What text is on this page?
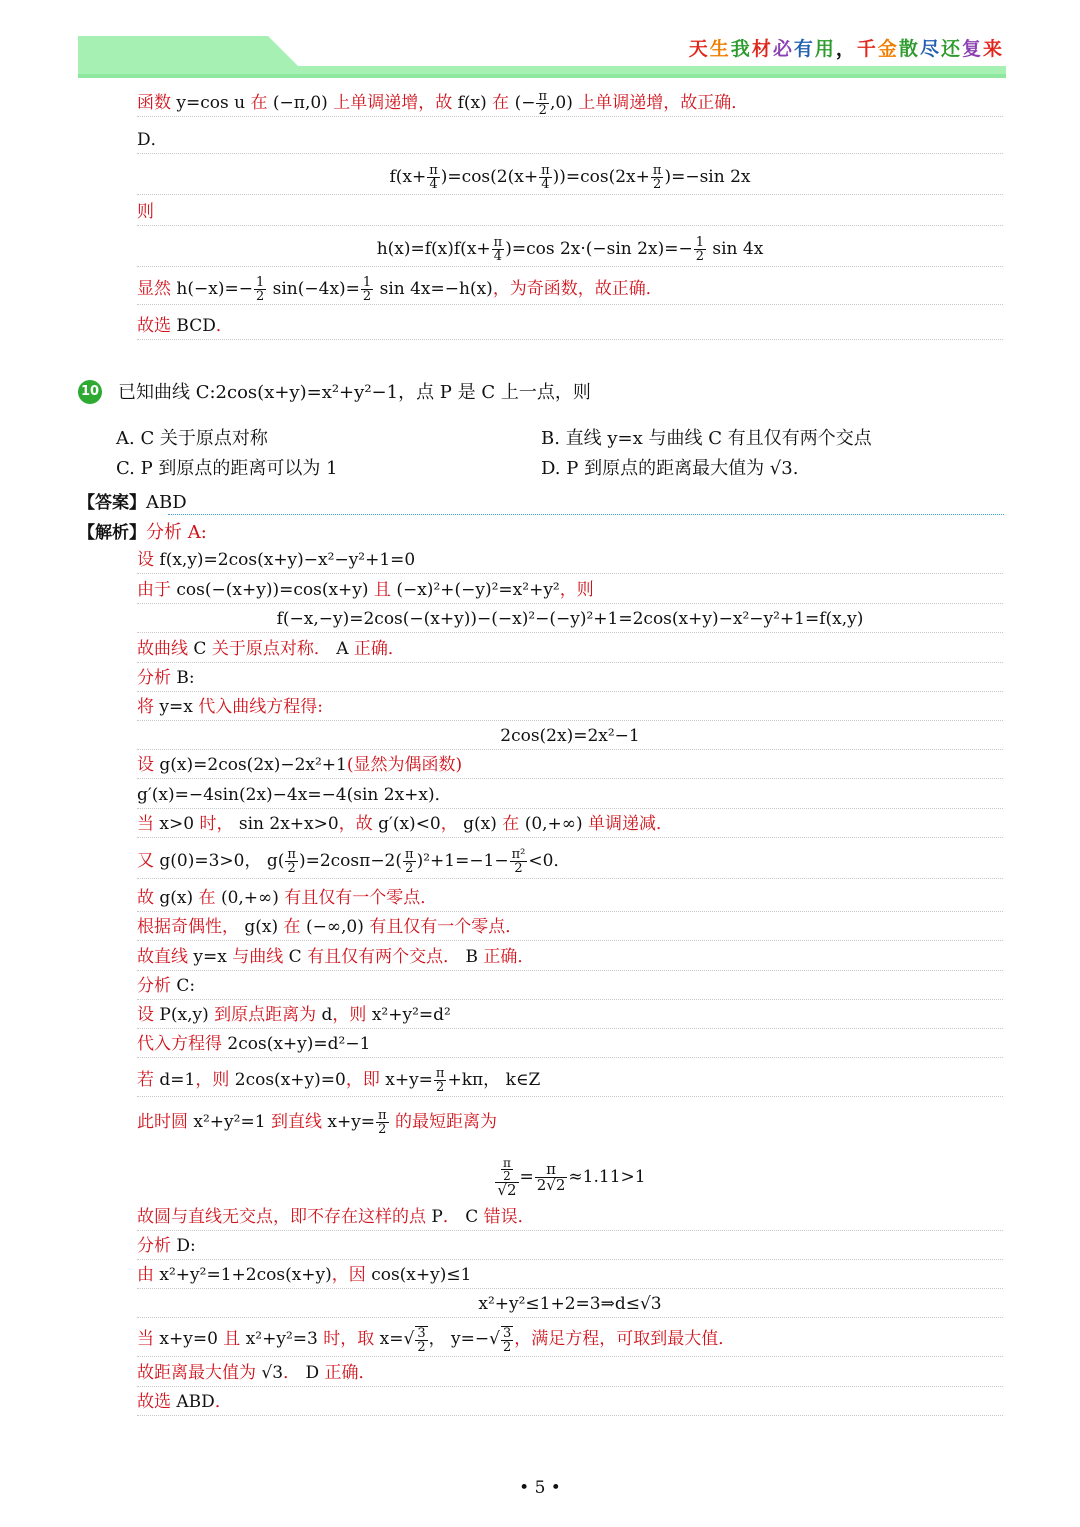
天生我材必有用，千金散尽还复来
函数 y=cos u 在 (−π,0) 上单调递增，故 f(x) 在 (− $\frac{\pi}{2} ,0$) 上单调递增，故正确．
D．
$f(x+ \frac{\pi}{4} )=\cos(2(x+ \frac{\pi}{4} ))=\cos(2x+ \frac{\pi}{2} )=-\sin$ 2x
则
$h(x)=f(x)f(x+ \frac{\pi}{4} )=\cos$ 2x·(−sin $2x)=- \frac{1}{2}$ sin 4x
显然 $h(-x)=- \frac{1}{2} \sin(-4x)= \frac{1}{2}$ sin 4x=−h(x)，为奇函数，故正确．
故选 BCD．
10 已知曲线 C:2cos(x+y)=x²+y²−1，点 P 是 C 上一点，则
A. C 关于原点对称	B. 直线 y=x 与曲线 C 有且仅有两个交点
C. P 到原点的距离可以为 1	D. P 到原点的距离最大值为 √3.
【答案】ABD
【解析】分析 A:
设 f(x,y)=2cos(x+y)−x²−y²+1=0
由于 cos(−(x+y))=cos(x+y) 且 (−x)²+(−y)²=x²+y²，则
f(−x,−y)=2cos(−(x+y))−(−x)²−(−y)²+1=2cos(x+y)−x²−y²+1=f(x,y)
故曲线 C 关于原点对称． A 正确．
分析 B:
将 y=x 代入曲线方程得:
2cos(2x)=2x²−1
设 g(x)=2cos(2x)−2x²+1(显然为偶函数)
g′(x)=−4sin(2x)−4x=−4(sin 2x+x)．
当 x>0 时， sin 2x+x>0，故 g′(x)<0， g(x) 在 (0,+∞) 单调递减．
又 g(0)=3>0， $g( \frac{\pi}{2} )=2\cos\pi-2( \frac{\pi}{2} )^2+1=-1- \frac{\text{π²}}{2} <0$．
故 g(x) 在 (0,+∞) 有且仅有一个零点．
根据奇偶性， g(x) 在 (−∞,0) 有且仅有一个零点．
故直线 y=x 与曲线 C 有且仅有两个交点． B 正确．
分析 C:
设 P(x,y) 到原点距离为 d，则 x²+y²=d²
代入方程得 2cos(x+y)=d²−1
若 d=1，则 2cos(x+y)=0，即 $x+y= \frac{\pi}{2} +k\pi$， k∈Z
此时圆 x²+y²=1 到直线 $x+y= \frac{\pi}{2}$ 的最短距离为
$\frac{\frac{\pi}{2}}{√2} = \frac{\pi}{2√2} \approx 1.11>1$
故圆与直线无交点，即不存在这样的点 P． C 错误．
分析 D:
由 x²+y²=1+2cos(x+y)，因 cos(x+y)≤1
x²+y²≤1+2=3⇒d≤√3
当 x+y=0 且 x²+y²=3 时，取 $x=√ \frac{3}{2}$ ， $y=-√ \frac{3}{2}$ ，满足方程，可取到最大值．
故距离最大值为 √3． D 正确．
故选 ABD．
• 5 •
